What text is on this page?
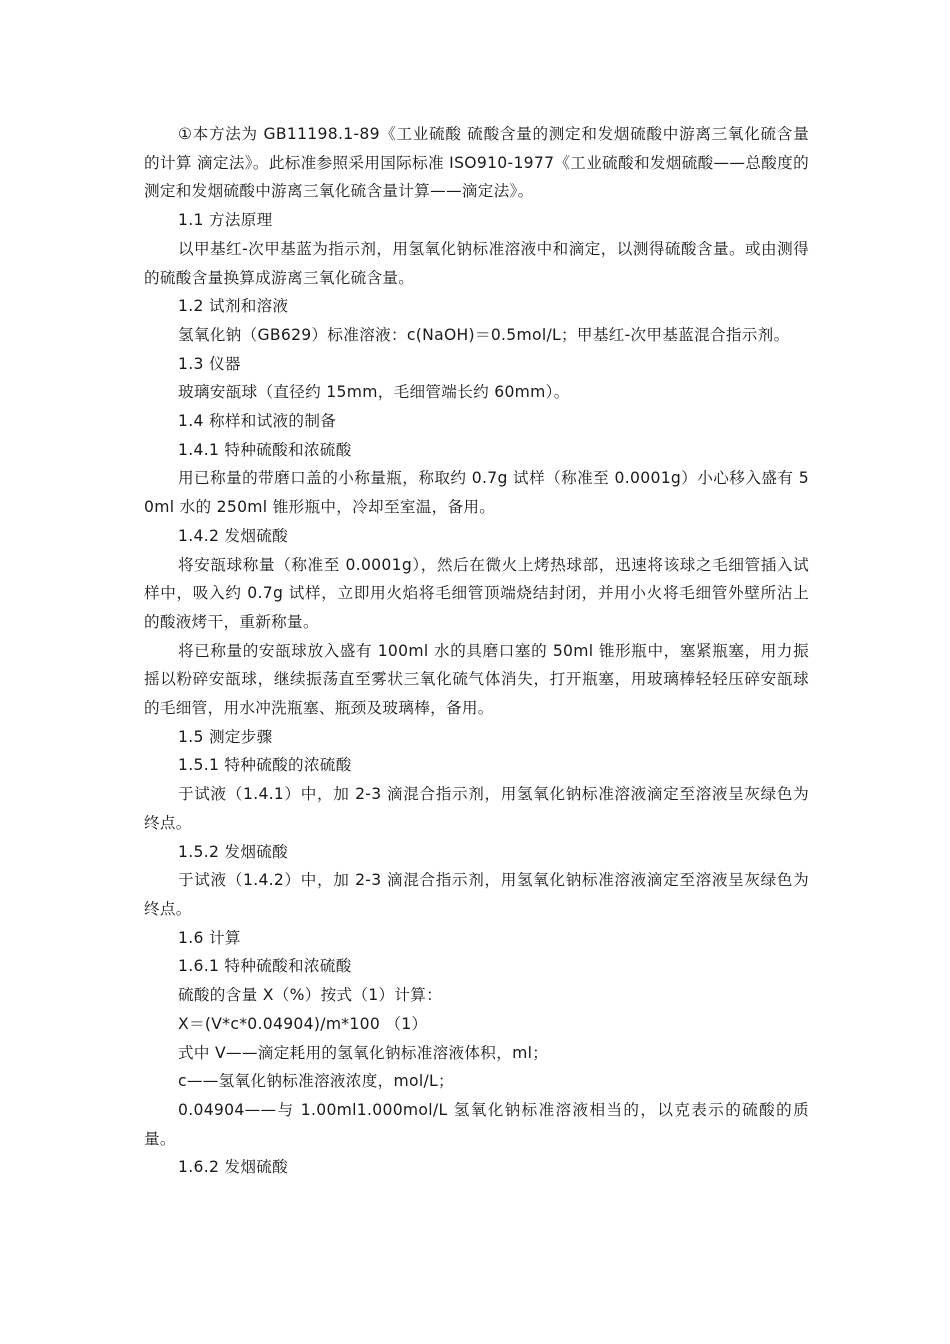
①本方法为 GB11198.1-89《工业硫酸 硫酸含量的测定和发烟硫酸中游离三氧化硫含量的计算 滴定法》。此标准参照采用国际标准 ISO910-1977《工业硫酸和发烟硫酸——总酸度的测定和发烟硫酸中游离三氧化硫含量计算——滴定法》。

1.1 方法原理

以甲基红-次甲基蓝为指示剂，用氢氧化钠标准溶液中和滴定，以测得硫酸含量。或由测得的硫酸含量换算成游离三氧化硫含量。

1.2 试剂和溶液

氢氧化钠（GB629）标准溶液：c(NaOH)＝0.5mol/L；甲基红-次甲基蓝混合指示剂。

1.3 仪器

玻璃安瓿球（直径约 15mm，毛细管端长约 60mm）。

1.4 称样和试液的制备

1.4.1 特种硫酸和浓硫酸

用已称量的带磨口盖的小称量瓶，称取约 0.7g 试样（称准至 0.0001g）小心移入盛有 50ml 水的 250ml 锥形瓶中，冷却至室温，备用。

1.4.2 发烟硫酸

将安瓿球称量（称准至 0.0001g），然后在微火上烤热球部，迅速将该球之毛细管插入试样中，吸入约 0.7g 试样，立即用火焰将毛细管顶端烧结封闭，并用小火将毛细管外壁所沾上的酸液烤干，重新称量。

将已称量的安瓿球放入盛有 100ml 水的具磨口塞的 50ml 锥形瓶中，塞紧瓶塞，用力振摇以粉碎安瓿球，继续振荡直至雾状三氧化硫气体消失，打开瓶塞，用玻璃棒轻轻压碎安瓿球的毛细管，用水冲洗瓶塞、瓶颈及玻璃棒，备用。

1.5 测定步骤

1.5.1 特种硫酸的浓硫酸

于试液（1.4.1）中，加 2-3 滴混合指示剂，用氢氧化钠标准溶液滴定至溶液呈灰绿色为终点。

1.5.2 发烟硫酸

于试液（1.4.2）中，加 2-3 滴混合指示剂，用氢氧化钠标准溶液滴定至溶液呈灰绿色为终点。

1.6 计算

1.6.1 特种硫酸和浓硫酸

硫酸的含量 X（%）按式（1）计算：

X＝(V*c*0.04904)/m*100 （1）

式中 V——滴定耗用的氢氧化钠标准溶液体积，ml；

c——氢氧化钠标准溶液浓度，mol/L；

0.04904——与 1.00ml1.000mol/L 氢氧化钠标准溶液相当的，以克表示的硫酸的质量。

1.6.2 发烟硫酸
